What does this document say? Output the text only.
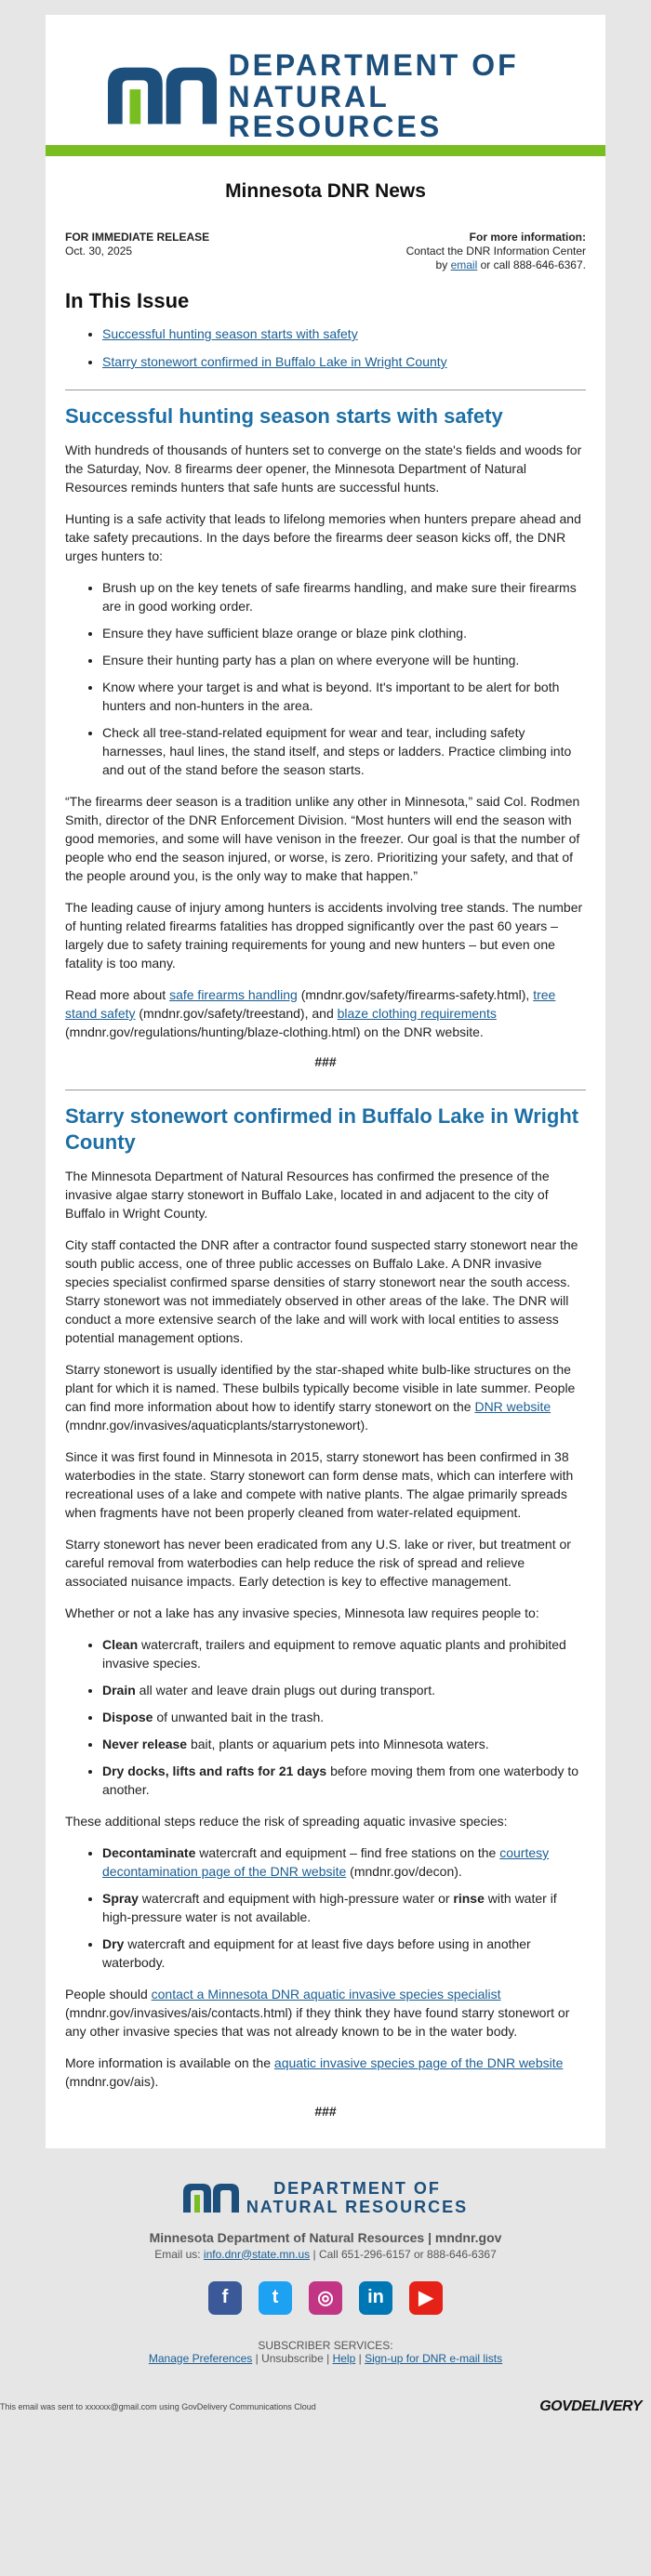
DEPARTMENT OF
NATURAL RESOURCES
Minnesota DNR News
FOR IMMEDIATE RELEASE
Oct. 30, 2025
For more information:
Contact the DNR Information Center
by email or call 888-646-6367.
In This Issue
• Successful hunting season starts with safety
• Starry stonewort confirmed in Buffalo Lake in Wright County
Successful hunting season starts with safety

With hundreds of thousands of hunters set to converge on the state's fields and woods for the Saturday, Nov. 8 firearms deer opener, the Minnesota Department of Natural Resources reminds hunters that safe hunts are successful hunts.

Hunting is a safe activity that leads to lifelong memories when hunters prepare ahead and take safety precautions. In the days before the firearms deer season kicks off, the DNR urges hunters to:

• Brush up on the key tenets of safe firearms handling, and make sure their firearms are in good working order.
• Ensure they have sufficient blaze orange or blaze pink clothing.
• Ensure their hunting party has a plan on where everyone will be hunting.
• Know where your target is and what is beyond. It's important to be alert for both hunters and non-hunters in the area.
• Check all tree-stand-related equipment for wear and tear, including safety harnesses, haul lines, the stand itself, and steps or ladders. Practice climbing into and out of the stand before the season starts.

“The firearms deer season is a tradition unlike any other in Minnesota,” said Col. Rodmen Smith, director of the DNR Enforcement Division. “Most hunters will end the season with good memories, and some will have venison in the freezer. Our goal is that the number of people who end the season injured, or worse, is zero. Prioritizing your safety, and that of the people around you, is the only way to make that happen.”

The leading cause of injury among hunters is accidents involving tree stands. The number of hunting related firearms fatalities has dropped significantly over the past 60 years – largely due to safety training requirements for young and new hunters – but even one fatality is too many.

Read more about safe firearms handling (mndnr.gov/safety/firearms-safety.html), tree stand safety (mndnr.gov/safety/treestand), and blaze clothing requirements (mndnr.gov/regulations/hunting/blaze-clothing.html) on the DNR website.

###
Starry stonewort confirmed in Buffalo Lake in Wright County

The Minnesota Department of Natural Resources has confirmed the presence of the invasive algae starry stonewort in Buffalo Lake, located in and adjacent to the city of Buffalo in Wright County.

City staff contacted the DNR after a contractor found suspected starry stonewort near the south public access, one of three public accesses on Buffalo Lake. A DNR invasive species specialist confirmed sparse densities of starry stonewort near the south access. Starry stonewort was not immediately observed in other areas of the lake. The DNR will conduct a more extensive search of the lake and will work with local entities to assess potential management options.

Starry stonewort is usually identified by the star-shaped white bulb-like structures on the plant for which it is named. These bulbils typically become visible in late summer. People can find more information about how to identify starry stonewort on the DNR website (mndnr.gov/invasives/aquaticplants/starrystonewort).

Since it was first found in Minnesota in 2015, starry stonewort has been confirmed in 38 waterbodies in the state. Starry stonewort can form dense mats, which can interfere with recreational uses of a lake and compete with native plants. The algae primarily spreads when fragments have not been properly cleaned from water-related equipment.

Starry stonewort has never been eradicated from any U.S. lake or river, but treatment or careful removal from waterbodies can help reduce the risk of spread and relieve associated nuisance impacts. Early detection is key to effective management.

Whether or not a lake has any invasive species, Minnesota law requires people to:

• Clean watercraft, trailers and equipment to remove aquatic plants and prohibited invasive species.
• Drain all water and leave drain plugs out during transport.
• Dispose of unwanted bait in the trash.
• Never release bait, plants or aquarium pets into Minnesota waters.
• Dry docks, lifts and rafts for 21 days before moving them from one waterbody to another.

These additional steps reduce the risk of spreading aquatic invasive species:

• Decontaminate watercraft and equipment – find free stations on the courtesy decontamination page of the DNR website (mndnr.gov/decon).
• Spray watercraft and equipment with high-pressure water or rinse with water if high-pressure water is not available.
• Dry watercraft and equipment for at least five days before using in another waterbody.

People should contact a Minnesota DNR aquatic invasive species specialist (mndnr.gov/invasives/ais/contacts.html) if they think they have found starry stonewort or any other invasive species that was not already known to be in the water body.

More information is available on the aquatic invasive species page of the DNR website (mndnr.gov/ais).

###
DEPARTMENT OF
NATURAL RESOURCES
Minnesota Department of Natural Resources | mndnr.gov
Email us: info.dnr@state.mn.us | Call 651-296-6157 or 888-646-6367
f	t	◎	in	▶
SUBSCRIBER SERVICES:
Manage Preferences | Unsubscribe | Help | Sign-up for DNR e-mail lists
This email was sent to xxxxxx@gmail.com using GovDelivery Communications Cloud	GOVDELIVERY
